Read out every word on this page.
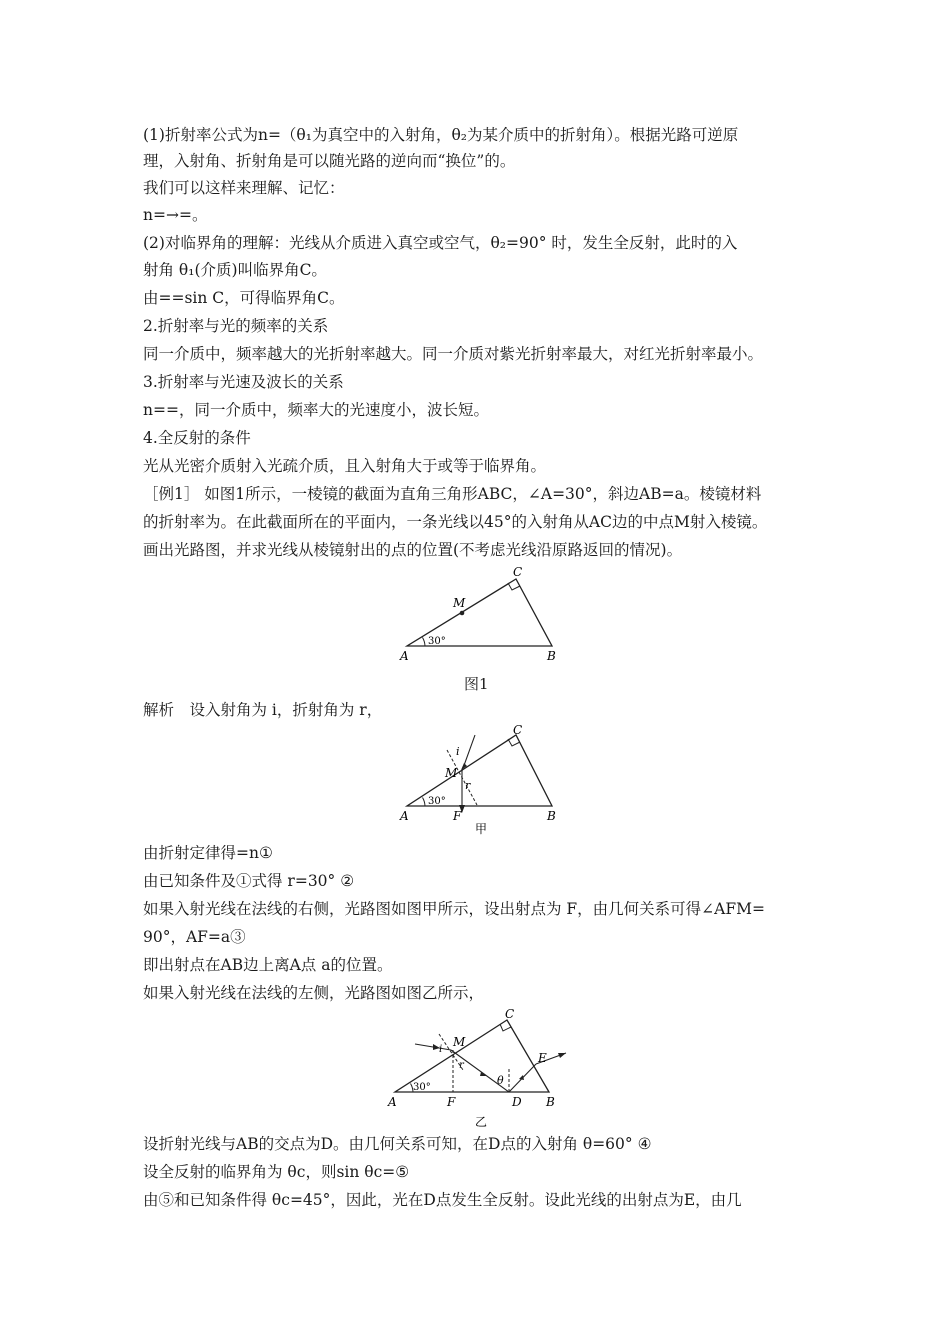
(1)折射率公式为n=（θ₁为真空中的入射角，θ₂为某介质中的折射角）。根据光路可逆原
理，入射角、折射角是可以随光路的逆向而“换位”的。
我们可以这样来理解、记忆：
n=→=。
(2)对临界角的理解：光线从介质进入真空或空气，θ₂=90° 时，发生全反射，此时的入
射角 θ₁(介质)叫临界角C。
由==sin C，可得临界角C。
2.折射率与光的频率的关系
同一介质中，频率越大的光折射率越大。同一介质对紫光折射率最大，对红光折射率最小。
3.折射率与光速及波长的关系
n==，同一介质中，频率大的光速度小，波长短。
4.全反射的条件
光从光密介质射入光疏介质，且入射角大于或等于临界角。
［例1］ 如图1所示，一棱镜的截面为直角三角形ABC，∠A=30°，斜边AB=a。棱镜材料
的折射率为。在此截面所在的平面内，一条光线以45°的入射角从AC边的中点M射入棱镜。
画出光路图，并求光线从棱镜射出的点的位置(不考虑光线沿原路返回的情况)。
A	B
C
M
30°
图1
解析　设入射角为 i，折射角为 r，
A	B
C
M
F
i
r
30°
甲
由折射定律得=n①
由已知条件及①式得 r=30° ②
如果入射光线在法线的右侧，光路图如图甲所示，设出射点为 F，由几何关系可得∠AFM=
90°，AF=a③
即出射点在AB边上离A点 a的位置。
如果入射光线在法线的左侧，光路图如图乙所示，
A	B
C
M
F	D
E
i
r
θ
30°
乙
设折射光线与AB的交点为D。由几何关系可知，在D点的入射角 θ=60° ④
设全反射的临界角为 θc，则sin θc=⑤
由⑤和已知条件得 θc=45°，因此，光在D点发生全反射。设此光线的出射点为E，由几
